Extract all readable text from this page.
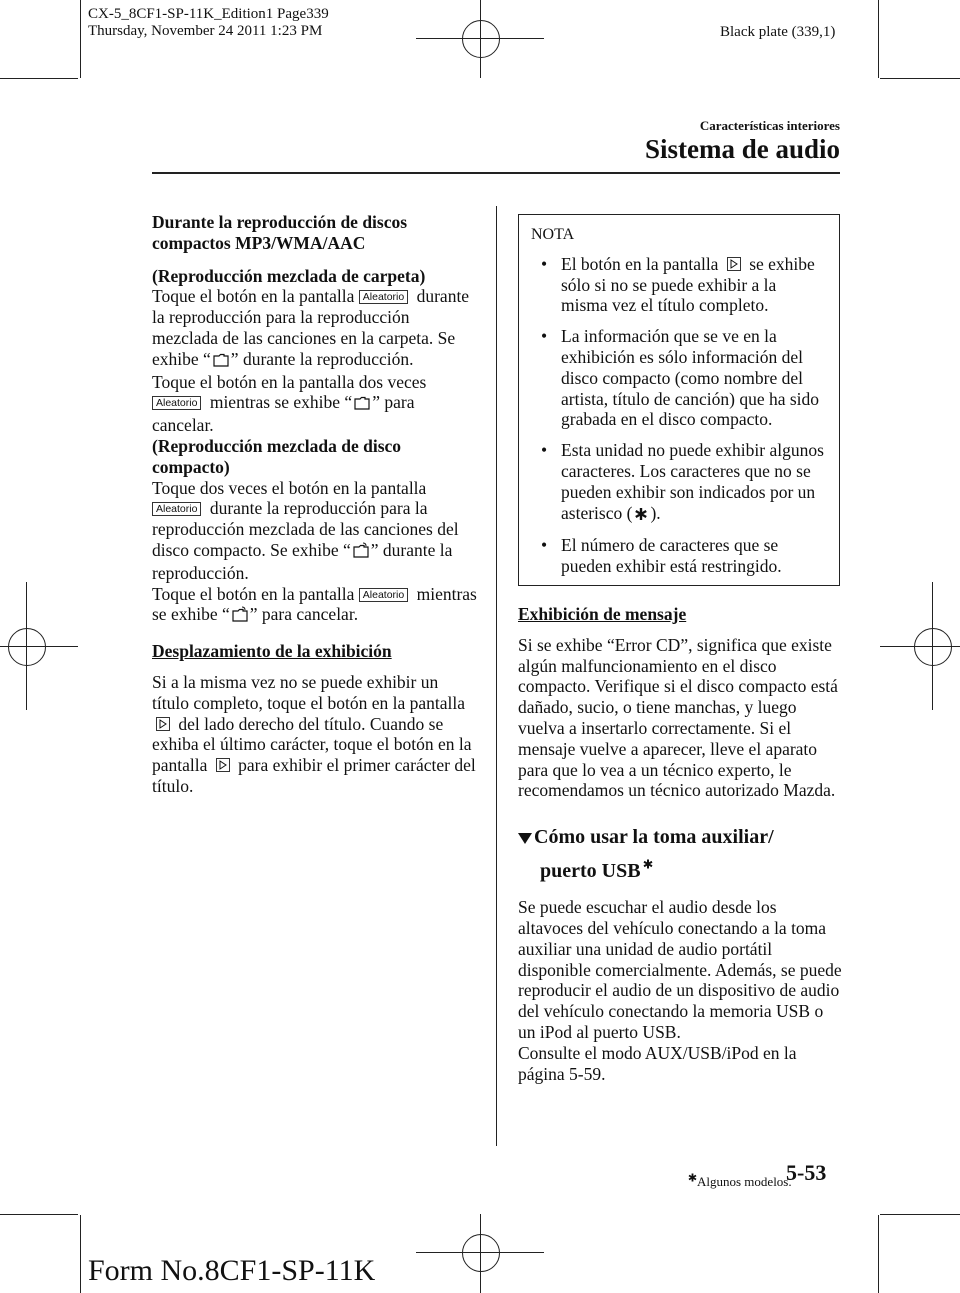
CX-5_8CF1-SP-11K_Edition1 Page339
Thursday, November 24 2011 1:23 PM	Black plate (339,1)
Características interiores
Sistema de audio

Durante la reproducción de discos compactos MP3/WMA/AAC

(Reproducción mezclada de carpeta)

Toque el botón en la pantalla Aleatorio durante la reproducción para la reproducción mezclada de las canciones en la carpeta. Se exhibe “ ” durante la reproducción.

Toque el botón en la pantalla dos veces Aleatorio mientras se exhibe “ ” para cancelar.

(Reproducción mezclada de disco compacto)

Toque dos veces el botón en la pantalla Aleatorio durante la reproducción para la reproducción mezclada de las canciones del disco compacto. Se exhibe “ ” durante la reproducción.

Toque el botón en la pantalla Aleatorio mientras se exhibe “ ” para cancelar.

Desplazamiento de la exhibición

Si a la misma vez no se puede exhibir un título completo, toque el botón en la pantalla
del lado derecho del título. Cuando se exhiba el último carácter, toque el botón en la pantalla para exhibir el primer carácter del título.

NOTA
• El botón en la pantalla se exhibe sólo si no se puede exhibir a la misma vez el título completo.
• La información que se ve en la exhibición es sólo información del disco compacto (como nombre del artista, título de canción) que ha sido grabada en el disco compacto.
• Esta unidad no puede exhibir algunos caracteres. Los caracteres que no se pueden exhibir son indicados por un asterisco ( ).
• El número de caracteres que se pueden exhibir está restringido.

Exhibición de mensaje

Si se exhibe “Error CD”, significa que existe algún malfuncionamiento en el disco compacto. Verifique si el disco compacto está dañado, sucio, o tiene manchas, y luego vuelva a insertarlo correctamente. Si el mensaje vuelve a aparecer, lleve el aparato para que lo vea a un técnico experto, le recomendamos un técnico autorizado Mazda.

Cómo usar la toma auxiliar/
puerto USB

Se puede escuchar el audio desde los altavoces del vehículo conectando a la toma auxiliar una unidad de audio portátil disponible comercialmente. Además, se puede reproducir el audio de un dispositivo de audio del vehículo conectando la memoria USB o un iPod al puerto USB.

Consulte el modo AUX/USB/iPod en la página 5-59.

Algunos modelos.
5-53
Form No.8CF1-SP-11K
